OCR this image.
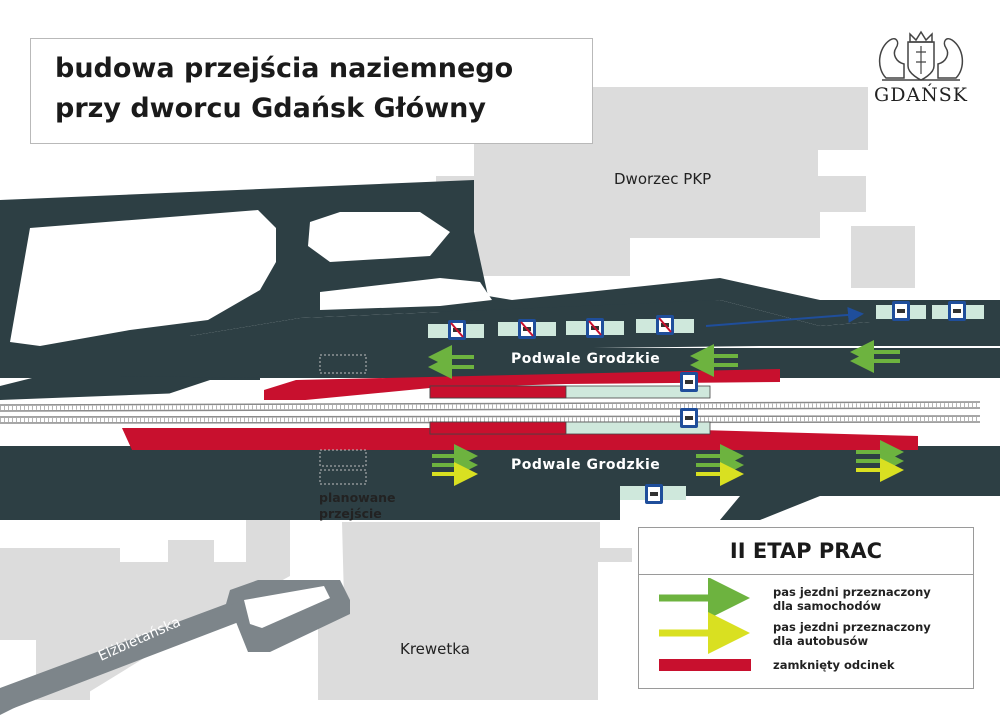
budowa przejścia naziemnego
przy dworcu Gdańsk Główny	GDAŃSK
Dworzec PKP
Podwale Grodzkie
Podwale Grodzkie
planowane
przejście
Krewetka
Elżbietańska
II ETAP PRAC
pas jezdni przeznaczony
dla samochodów
pas jezdni przeznaczony
dla autobusów
zamknięty odcinek
